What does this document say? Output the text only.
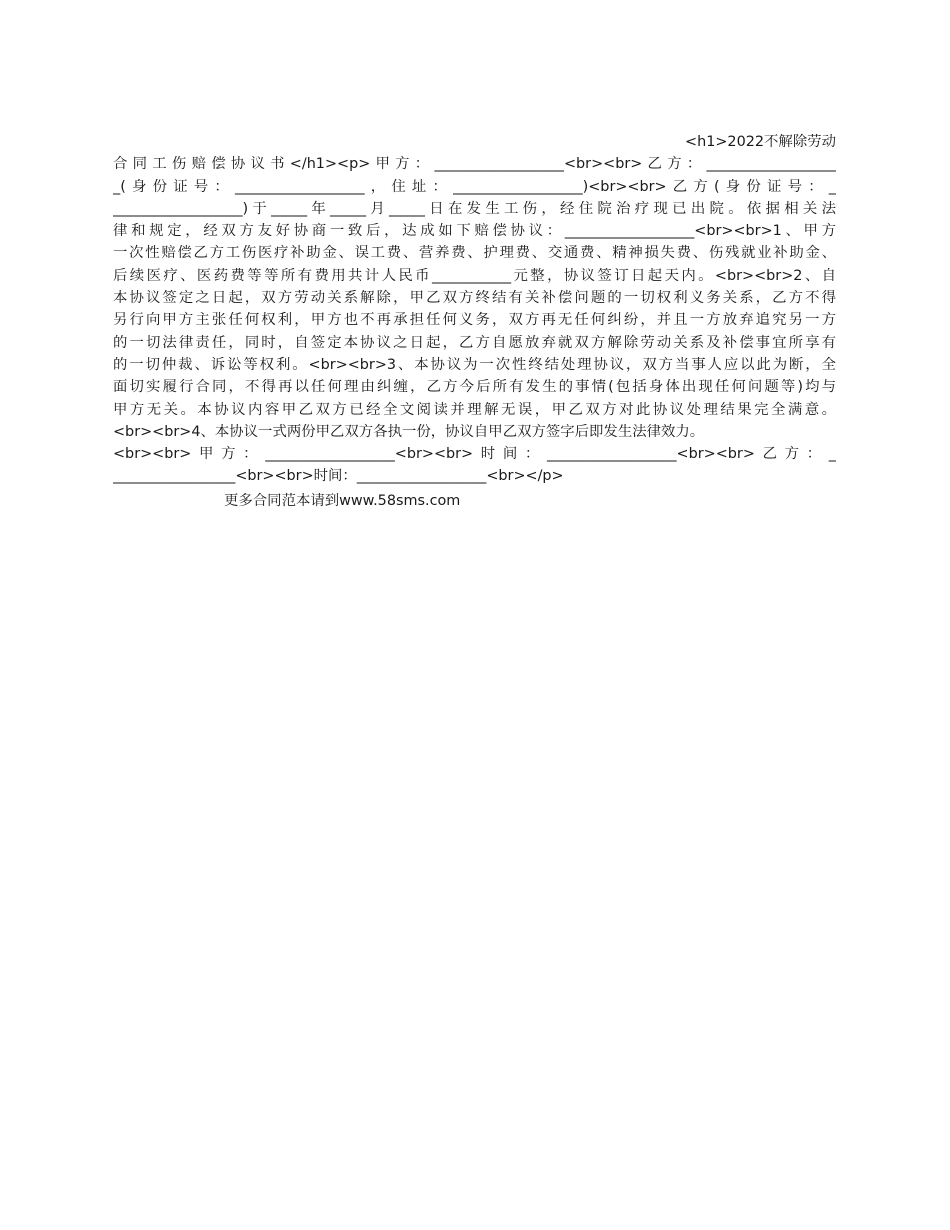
<h1>2022不解除劳动
合同工伤赔偿协议书</h1><p>甲方：__________________<br><br>乙方：__________________
_(身份证号：__________________，住址：__________________)<br><br>乙方(身份证号：_
__________________)于_____年_____月_____日在发生工伤，经住院治疗现已出院。依据相关法
律和规定，经双方友好协商一致后，达成如下赔偿协议：__________________<br><br>1、甲方
一次性赔偿乙方工伤医疗补助金、误工费、营养费、护理费、交通费、精神损失费、伤残就业补助金、
后续医疗、医药费等等所有费用共计人民币___________元整，协议签订日起天内。<br><br>2、自
本协议签定之日起，双方劳动关系解除，甲乙双方终结有关补偿问题的一切权利义务关系，乙方不得
另行向甲方主张任何权利，甲方也不再承担任何义务，双方再无任何纠纷，并且一方放弃追究另一方
的一切法律责任，同时，自签定本协议之日起，乙方自愿放弃就双方解除劳动关系及补偿事宜所享有
的一切仲裁、诉讼等权利。<br><br>3、本协议为一次性终结处理协议，双方当事人应以此为断，全
面切实履行合同，不得再以任何理由纠缠，乙方今后所有发生的事情(包括身体出现任何问题等)均与
甲方无关。本协议内容甲乙双方已经全文阅读并理解无误，甲乙双方对此协议处理结果完全满意。
<br><br>4、本协议一式两份甲乙双方各执一份，协议自甲乙双方签字后即发生法律效力。
<br><br>甲方：__________________<br><br>时间：__________________<br><br>乙方：_
_________________<br><br>时间：__________________<br></p>
更多合同范本请到www.58sms.com
